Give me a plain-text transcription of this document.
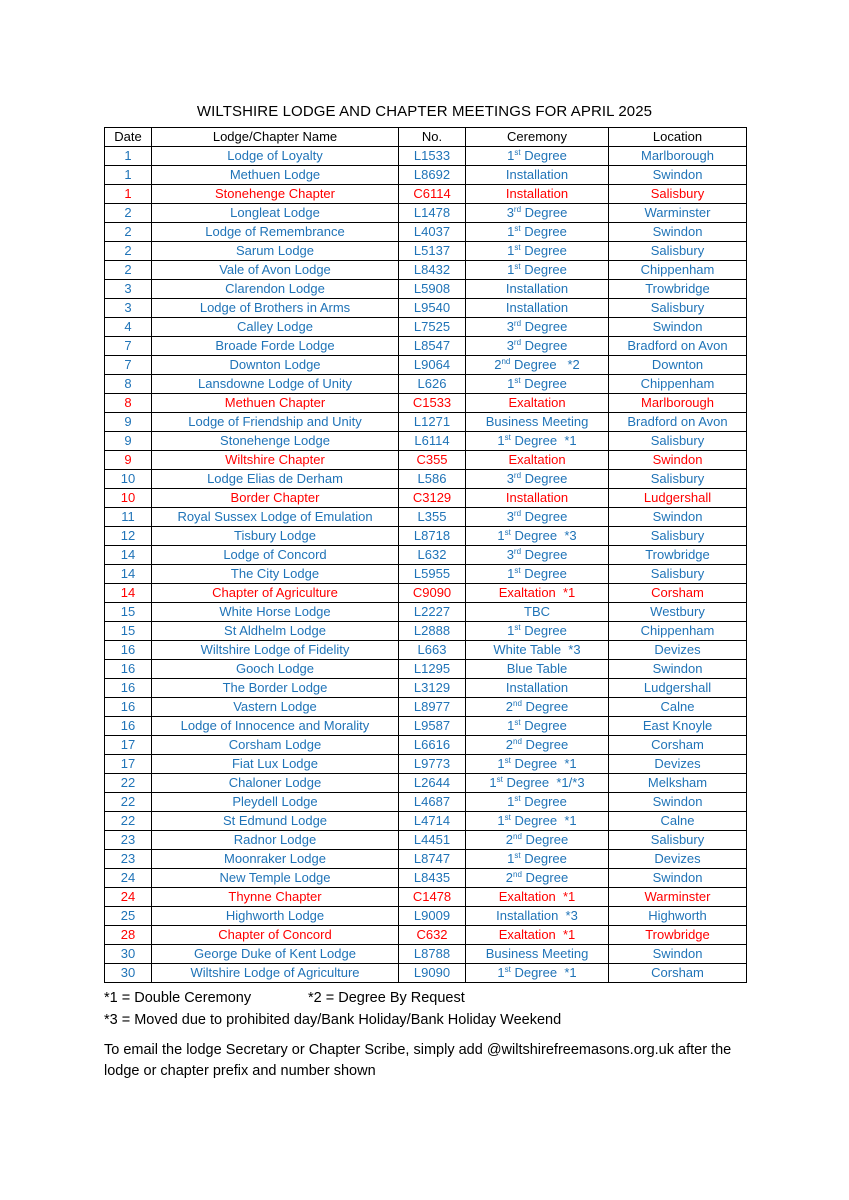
WILTSHIRE LODGE AND CHAPTER MEETINGS FOR APRIL 2025
Date	Lodge/Chapter Name	No.	Ceremony	Location
1	Lodge of Loyalty	L1533	1st Degree	Marlborough
1	Methuen Lodge	L8692	Installation	Swindon
1	Stonehenge Chapter	C6114	Installation	Salisbury
2	Longleat Lodge	L1478	3rd Degree	Warminster
2	Lodge of Remembrance	L4037	1st Degree	Swindon
2	Sarum Lodge	L5137	1st Degree	Salisbury
2	Vale of Avon Lodge	L8432	1st Degree	Chippenham
3	Clarendon Lodge	L5908	Installation	Trowbridge
3	Lodge of Brothers in Arms	L9540	Installation	Salisbury
4	Calley Lodge	L7525	3rd Degree	Swindon
7	Broade Forde Lodge	L8547	3rd Degree	Bradford on Avon
7	Downton Lodge	L9064	2nd Degree   *2	Downton
8	Lansdowne Lodge of Unity	L626	1st Degree	Chippenham
8	Methuen Chapter	C1533	Exaltation	Marlborough
9	Lodge of Friendship and Unity	L1271	Business Meeting	Bradford on Avon
9	Stonehenge Lodge	L6114	1st Degree  *1	Salisbury
9	Wiltshire Chapter	C355	Exaltation	Swindon
10	Lodge Elias de Derham	L586	3rd Degree	Salisbury
10	Border Chapter	C3129	Installation	Ludgershall
11	Royal Sussex Lodge of Emulation	L355	3rd Degree	Swindon
12	Tisbury Lodge	L8718	1st Degree  *3	Salisbury
14	Lodge of Concord	L632	3rd Degree	Trowbridge
14	The City Lodge	L5955	1st Degree	Salisbury
14	Chapter of Agriculture	C9090	Exaltation  *1	Corsham
15	White Horse Lodge	L2227	TBC	Westbury
15	St Aldhelm Lodge	L2888	1st Degree	Chippenham
16	Wiltshire Lodge of Fidelity	L663	White Table  *3	Devizes
16	Gooch Lodge	L1295	Blue Table	Swindon
16	The Border Lodge	L3129	Installation	Ludgershall
16	Vastern Lodge	L8977	2nd Degree	Calne
16	Lodge of Innocence and Morality	L9587	1st Degree	East Knoyle
17	Corsham Lodge	L6616	2nd Degree	Corsham
17	Fiat Lux Lodge	L9773	1st Degree  *1	Devizes
22	Chaloner Lodge	L2644	1st Degree  *1/*3	Melksham
22	Pleydell Lodge	L4687	1st Degree	Swindon
22	St Edmund Lodge	L4714	1st Degree  *1	Calne
23	Radnor Lodge	L4451	2nd Degree	Salisbury
23	Moonraker Lodge	L8747	1st Degree	Devizes
24	New Temple Lodge	L8435	2nd Degree	Swindon
24	Thynne Chapter	C1478	Exaltation  *1	Warminster
25	Highworth Lodge	L9009	Installation  *3	Highworth
28	Chapter of Concord	C632	Exaltation  *1	Trowbridge
30	George Duke of Kent Lodge	L8788	Business Meeting	Swindon
30	Wiltshire Lodge of Agriculture	L9090	1st Degree  *1	Corsham
*1 = Double Ceremony	*2 = Degree By Request
*3 = Moved due to prohibited day/Bank Holiday/Bank Holiday Weekend
To email the lodge Secretary or Chapter Scribe, simply add @wiltshirefreemasons.org.uk after the lodge or chapter prefix and number shown
